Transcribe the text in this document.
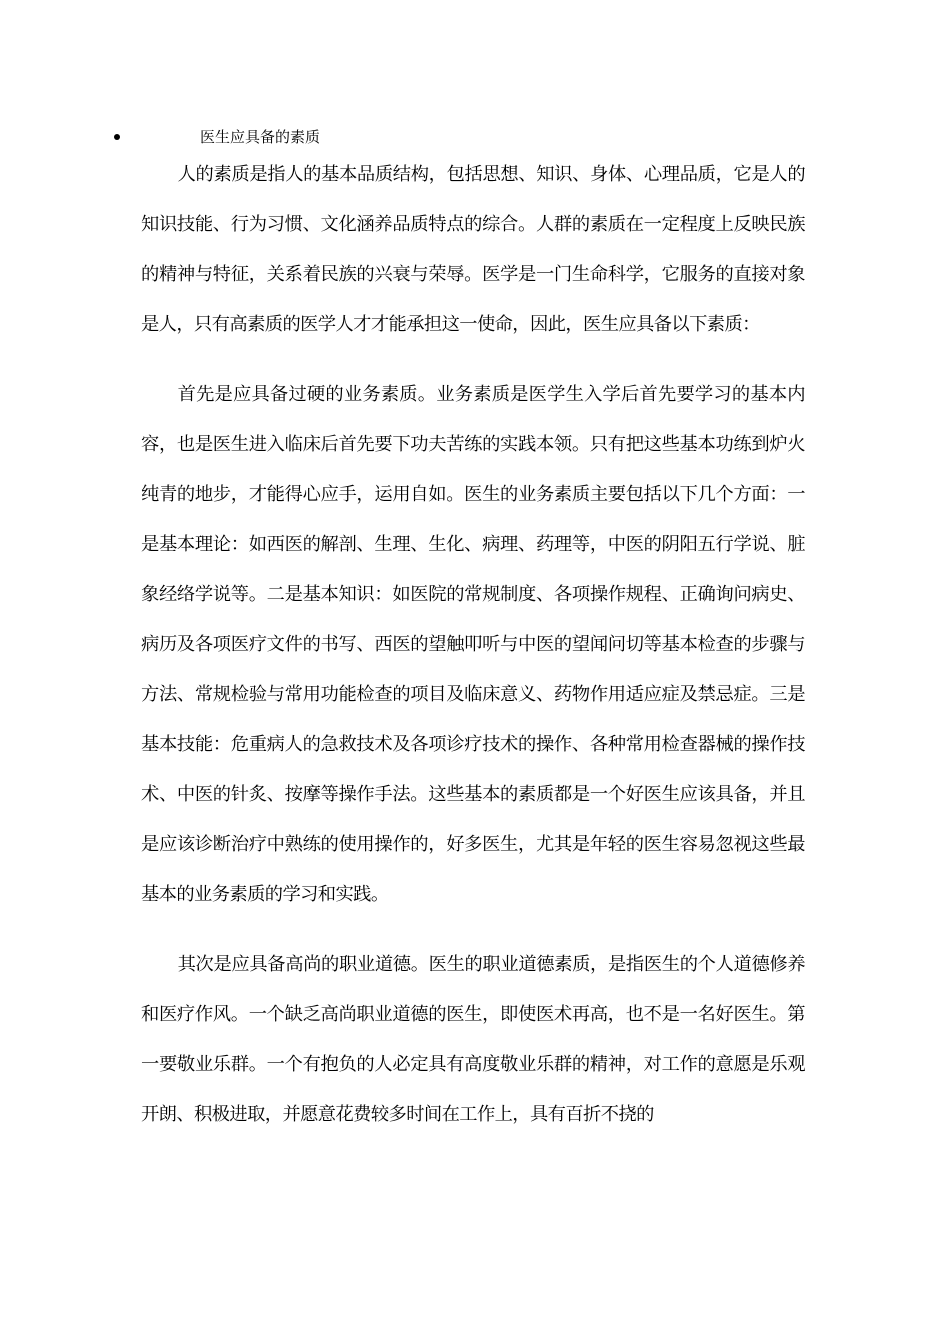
医生应具备的素质

人的素质是指人的基本品质结构，包括思想、知识、身体、心理品质，它是人的知识技能、行为习惯、文化涵养品质特点的综合。人群的素质在一定程度上反映民族的精神与特征，关系着民族的兴衰与荣辱。医学是一门生命科学，它服务的直接对象是人，只有高素质的医学人才才能承担这一使命，因此，医生应具备以下素质：

首先是应具备过硬的业务素质。业务素质是医学生入学后首先要学习的基本内容，也是医生进入临床后首先要下功夫苦练的实践本领。只有把这些基本功练到炉火纯青的地步，才能得心应手，运用自如。医生的业务素质主要包括以下几个方面：一是基本理论：如西医的解剖、生理、生化、病理、药理等，中医的阴阳五行学说、脏象经络学说等。二是基本知识：如医院的常规制度、各项操作规程、正确询问病史、病历及各项医疗文件的书写、西医的望触叩听与中医的望闻问切等基本检查的步骤与方法、常规检验与常用功能检查的项目及临床意义、药物作用适应症及禁忌症。三是基本技能：危重病人的急救技术及各项诊疗技术的操作、各种常用检查器械的操作技术、中医的针炙、按摩等操作手法。这些基本的素质都是一个好医生应该具备，并且是应该诊断治疗中熟练的使用操作的，好多医生，尤其是年轻的医生容易忽视这些最基本的业务素质的学习和实践。

其次是应具备高尚的职业道德。医生的职业道德素质，是指医生的个人道德修养和医疗作风。一个缺乏高尚职业道德的医生，即使医术再高，也不是一名好医生。第一要敬业乐群。一个有抱负的人必定具有高度敬业乐群的精神，对工作的意愿是乐观开朗、积极进取，并愿意花费较多时间在工作上，具有百折不挠的
